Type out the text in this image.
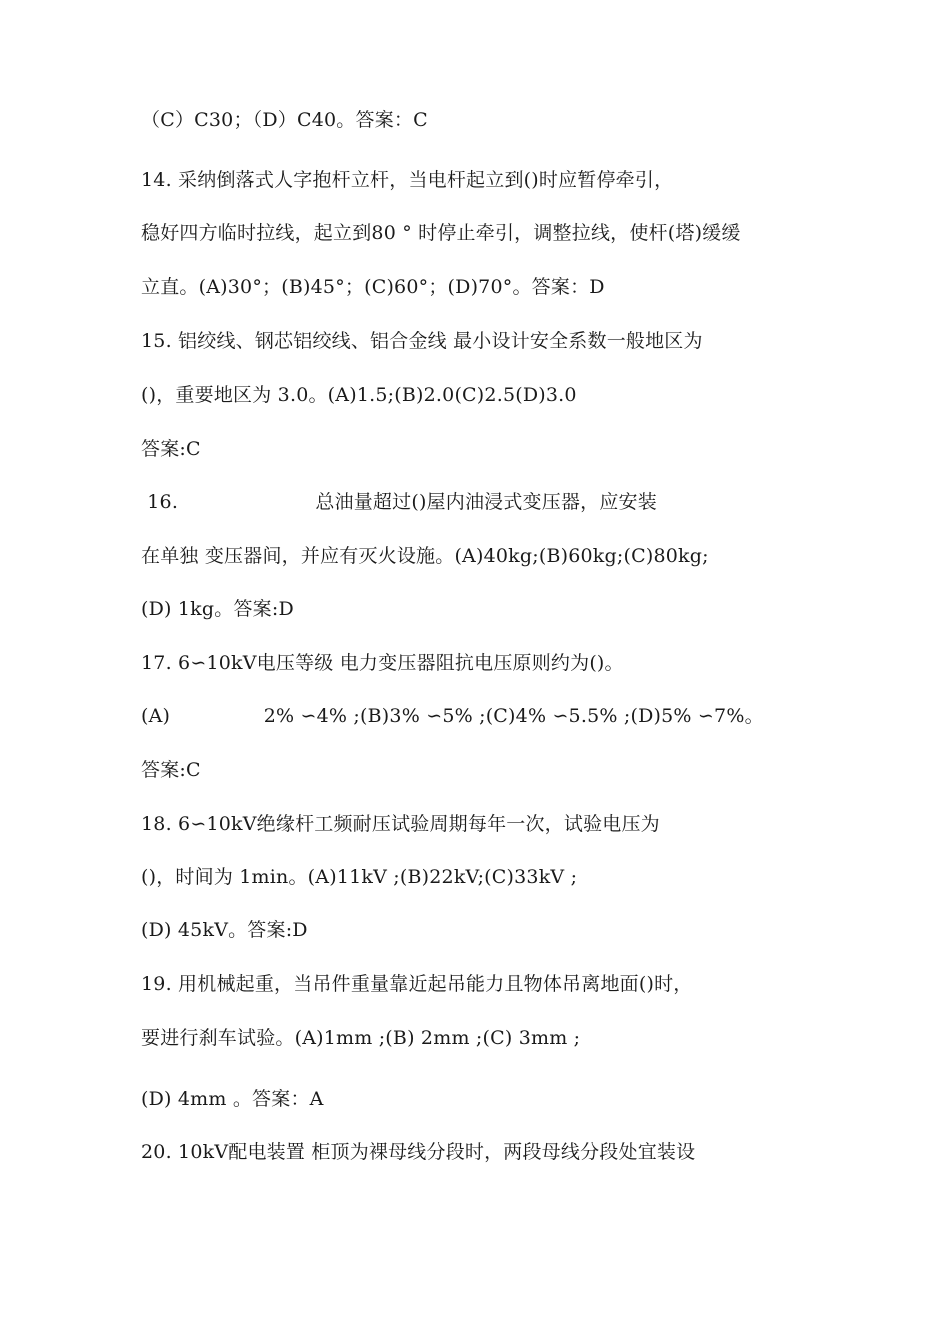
（C）C30；（D）C40。答案：C
14. 采纳倒落式人字抱杆立杆，当电杆起立到()时应暂停牵引，
稳好四方临时拉线，起立到80 ° 时停止牵引，调整拉线，使杆(塔)缓缓
立直。(A)30°；(B)45°；(C)60°；(D)70°。答案：D
15. 铝绞线、钢芯铝绞线、铝合金线 最小设计安全系数一般地区为
()，重要地区为 3.0。(A)1.5;(B)2.0(C)2.5(D)3.0
答案:C
16.                      总油量超过()屋内油浸式变压器，应安装
在单独 变压器间，并应有灭火设施。(A)40kg;(B)60kg;(C)80kg;
(D) 1kg。答案:D
17. 6∽10kV电压等级 电力变压器阻抗电压原则约为()。
(A)               2% ∽4% ;(B)3% ∽5% ;(C)4% ∽5.5% ;(D)5% ∽7%。
答案:C
18. 6∽10kV绝缘杆工频耐压试验周期每年一次，试验电压为
()，时间为 1min。(A)11kV ;(B)22kV;(C)33kV ;
(D) 45kV。答案:D
19. 用机械起重，当吊件重量靠近起吊能力且物体吊离地面()时，
要进行刹车试验。(A)1mm ;(B) 2mm ;(C) 3mm ;
(D) 4mm 。答案：A
20. 10kV配电装置 柜顶为裸母线分段时，两段母线分段处宜装设
